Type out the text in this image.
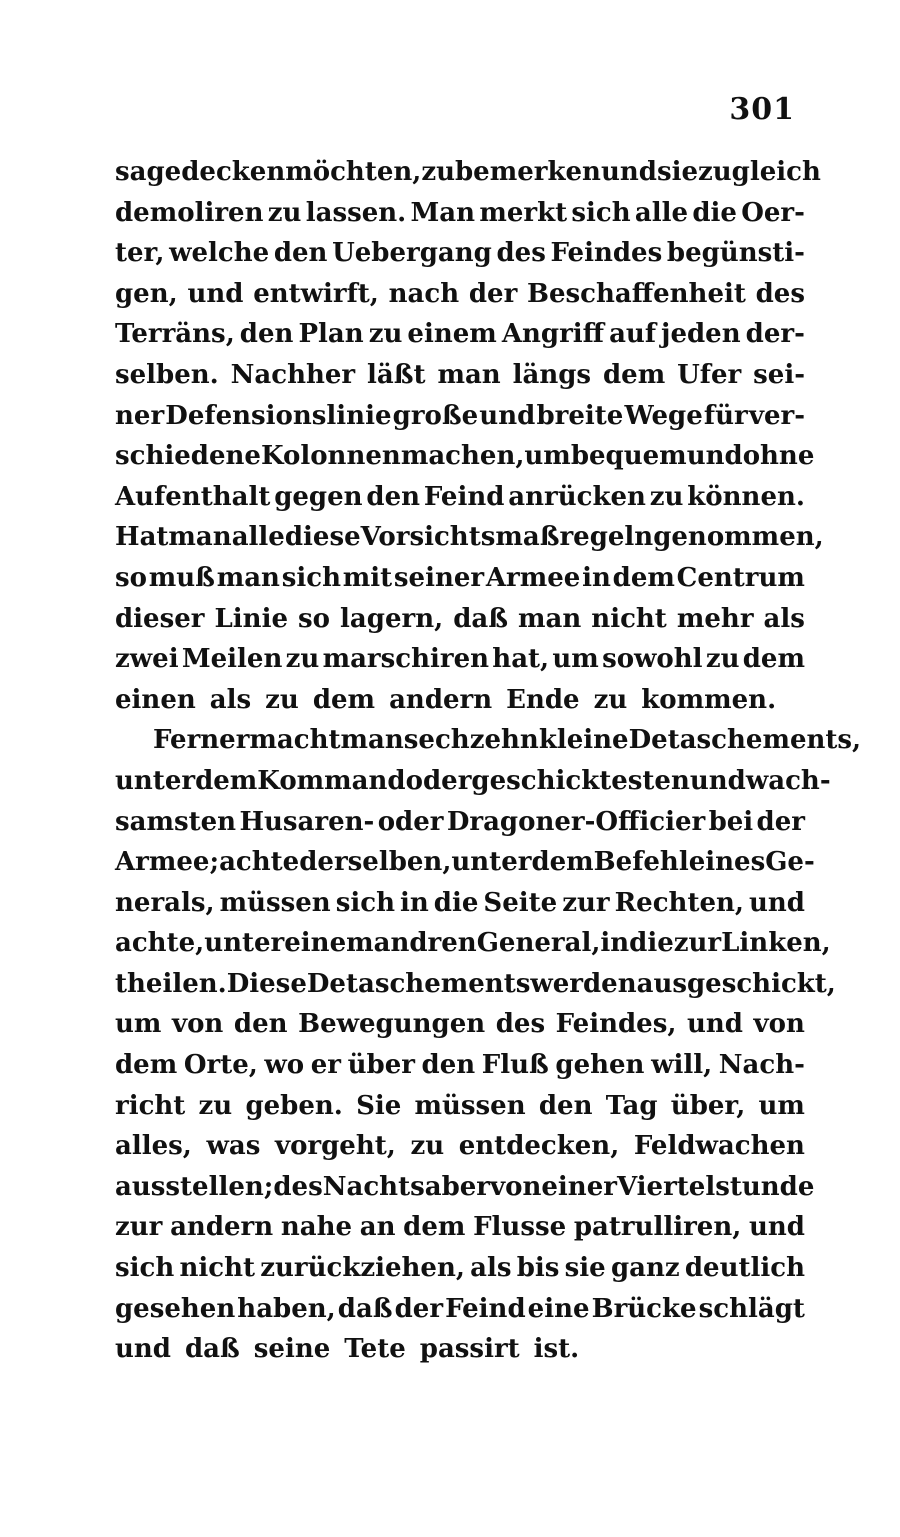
301
sage decken möchten, zu bemerken und sie zugleich
demoliren zu lassen. Man merkt sich alle die Oer-
ter, welche den Uebergang des Feindes begünsti-
gen, und entwirft, nach der Beschaffenheit des
Terräns, den Plan zu einem Angriff auf jeden der-
selben. Nachher läßt man längs dem Ufer sei-
ner Defensionslinie große und breite Wege für ver-
schiedene Kolonnen machen, um bequem und ohne
Aufenthalt gegen den Feind anrücken zu können.
Hat man alle diese Vorsichtsmaßregeln genommen,
so muß man sich mit seiner Armee in dem Centrum
dieser Linie so lagern, daß man nicht mehr als
zwei Meilen zu marschiren hat, um sowohl zu dem
einen als zu dem andern Ende zu kommen.
Ferner macht man sechzehn kleine Detaschements,
unter dem Kommando der geschicktesten und wach-
samsten Husaren- oder Dragoner-Officier bei der
Armee; achte derselben, unter dem Befehl eines Ge-
nerals, müssen sich in die Seite zur Rechten, und
achte, unter einem andren General, in die zur Linken,
theilen. Diese Detaschements werden ausgeschickt,
um von den Bewegungen des Feindes, und von
dem Orte, wo er über den Fluß gehen will, Nach-
richt zu geben. Sie müssen den Tag über, um
alles, was vorgeht, zu entdecken, Feldwachen
ausstellen; des Nachts aber von einer Viertelstunde
zur andern nahe an dem Flusse patrulliren, und
sich nicht zurückziehen, als bis sie ganz deutlich
gesehen haben, daß der Feind eine Brücke schlägt
und daß seine Tete passirt ist.
